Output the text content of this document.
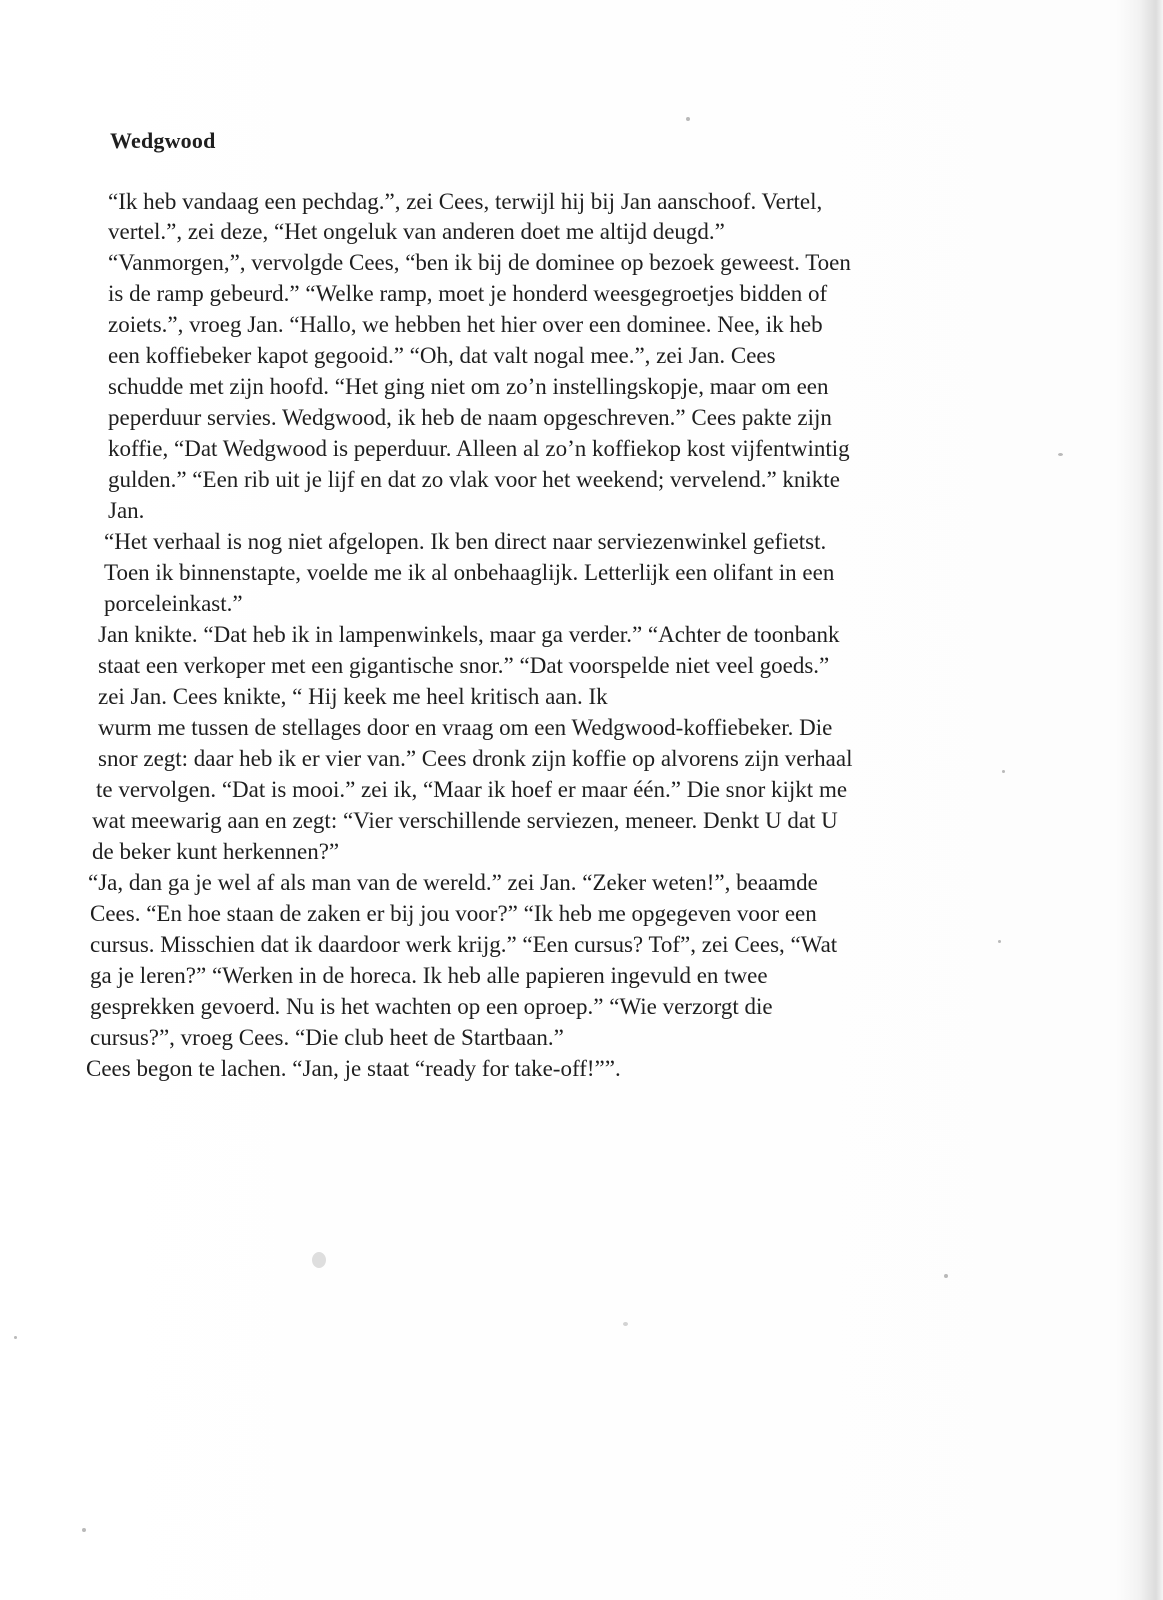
Wedgwood

“Ik heb vandaag een pechdag.”, zei Cees, terwijl hij bij Jan aanschoof. Vertel,

vertel.”, zei deze, “Het ongeluk van anderen doet me altijd deugd.”

“Vanmorgen,”, vervolgde Cees, “ben ik bij de dominee op bezoek geweest. Toen

is de ramp gebeurd.” “Welke ramp, moet je honderd weesgegroetjes bidden of

zoiets.”, vroeg Jan. “Hallo, we hebben het hier over een dominee. Nee, ik heb

een koffiebeker kapot gegooid.” “Oh, dat valt nogal mee.”, zei Jan. Cees

schudde met zijn hoofd. “Het ging niet om zo’n instellingskopje, maar om een

peperduur servies. Wedgwood, ik heb de naam opgeschreven.” Cees pakte zijn

koffie, “Dat Wedgwood is peperduur. Alleen al zo’n koffiekop kost vijfentwintig

gulden.” “Een rib uit je lijf en dat zo vlak voor het weekend; vervelend.” knikte

Jan.

“Het verhaal is nog niet afgelopen. Ik ben direct naar serviezenwinkel gefietst.

Toen ik binnenstapte, voelde me ik al onbehaaglijk. Letterlijk een olifant in een

porceleinkast.”

Jan knikte. “Dat heb ik in lampenwinkels, maar ga verder.” “Achter de toonbank

staat een verkoper met een gigantische snor.” “Dat voorspelde niet veel goeds.”

zei Jan. Cees knikte, “ Hij keek me heel kritisch aan. Ik

wurm me tussen de stellages door en vraag om een Wedgwood-koffiebeker. Die

snor zegt: daar heb ik er vier van.” Cees dronk zijn koffie op alvorens zijn verhaal

te vervolgen. “Dat is mooi.” zei ik, “Maar ik hoef er maar één.” Die snor kijkt me

wat meewarig aan en zegt: “Vier verschillende serviezen, meneer. Denkt U dat U

de beker kunt herkennen?”

“Ja, dan ga je wel af als man van de wereld.” zei Jan. “Zeker weten!”, beaamde

Cees. “En hoe staan de zaken er bij jou voor?” “Ik heb me opgegeven voor een

cursus. Misschien dat ik daardoor werk krijg.” “Een cursus? Tof”, zei Cees, “Wat

ga je leren?” “Werken in de horeca. Ik heb alle papieren ingevuld en twee

gesprekken gevoerd. Nu is het wachten op een oproep.” “Wie verzorgt die

cursus?”, vroeg Cees. “Die club heet de Startbaan.”

Cees begon te lachen. “Jan, je staat “ready for take-off!””.
